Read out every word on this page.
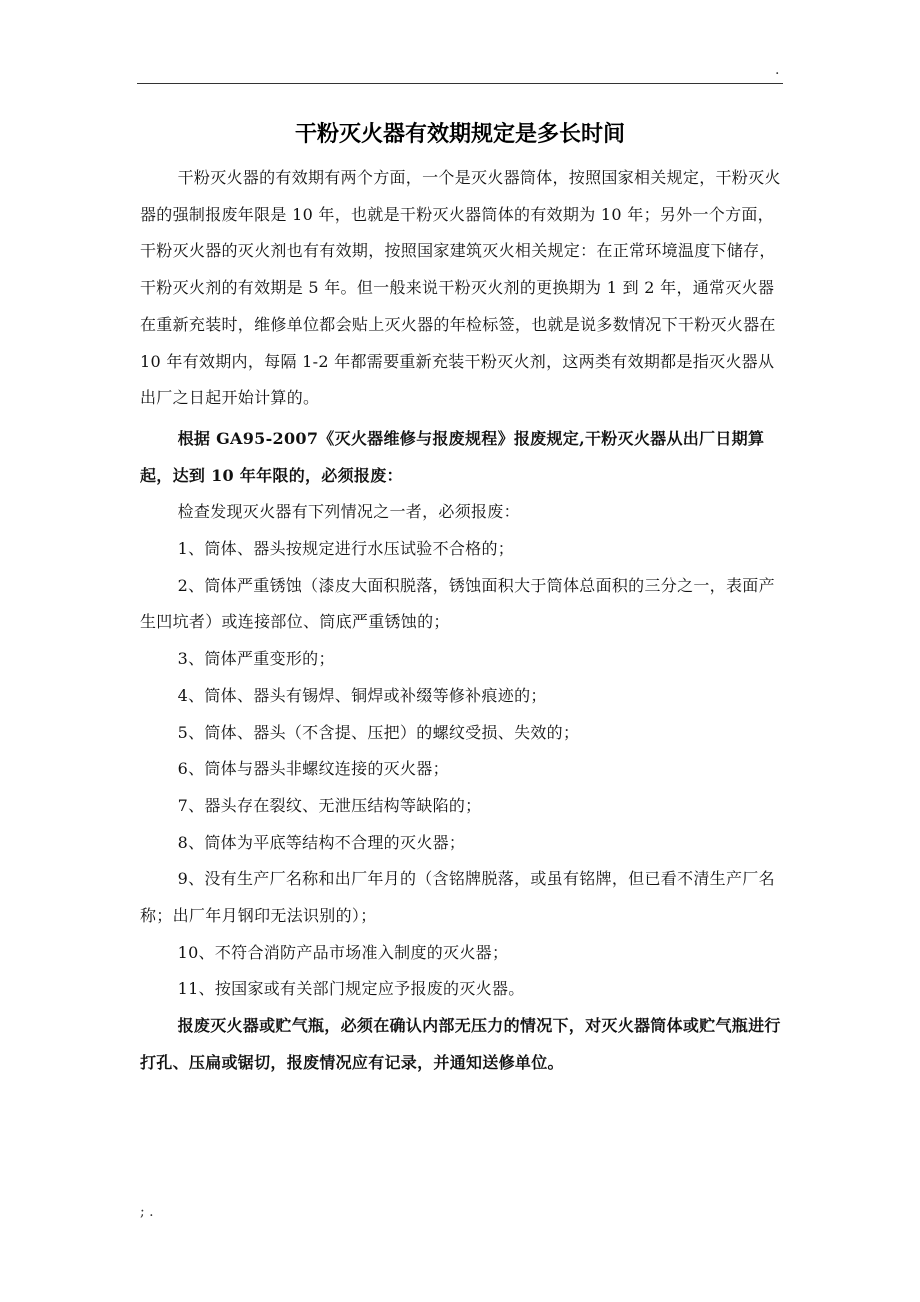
.
干粉灭火器有效期规定是多长时间

干粉灭火器的有效期有两个方面，一个是灭火器筒体，按照国家相关规定，干粉灭火器的强制报废年限是 10 年，也就是干粉灭火器筒体的有效期为 10 年；另外一个方面，干粉灭火器的灭火剂也有有效期，按照国家建筑灭火相关规定：在正常环境温度下储存，干粉灭火剂的有效期是 5 年。但一般来说干粉灭火剂的更换期为 1 到 2 年，通常灭火器在重新充装时，维修单位都会贴上灭火器的年检标签，也就是说多数情况下干粉灭火器在 10 年有效期内，每隔 1-2 年都需要重新充装干粉灭火剂，这两类有效期都是指灭火器从出厂之日起开始计算的。

根据 GA95-2007《灭火器维修与报废规程》报废规定,干粉灭火器从出厂日期算起，达到 10 年年限的，必须报废：

检查发现灭火器有下列情况之一者，必须报废：

1、筒体、器头按规定进行水压试验不合格的；

2、筒体严重锈蚀（漆皮大面积脱落，锈蚀面积大于筒体总面积的三分之一，表面产生凹坑者）或连接部位、筒底严重锈蚀的；

3、筒体严重变形的；

4、筒体、器头有锡焊、铜焊或补缀等修补痕迹的；

5、筒体、器头（不含提、压把）的螺纹受损、失效的；

6、筒体与器头非螺纹连接的灭火器；

7、器头存在裂纹、无泄压结构等缺陷的；

8、筒体为平底等结构不合理的灭火器；

9、没有生产厂名称和出厂年月的（含铭牌脱落，或虽有铭牌，但已看不清生产厂名称；出厂年月钢印无法识别的）；

10、不符合消防产品市场准入制度的灭火器；

11、按国家或有关部门规定应予报废的灭火器。

报废灭火器或贮气瓶，必须在确认内部无压力的情况下，对灭火器筒体或贮气瓶进行打孔、压扁或锯切，报废情况应有记录，并通知送修单位。

; .
